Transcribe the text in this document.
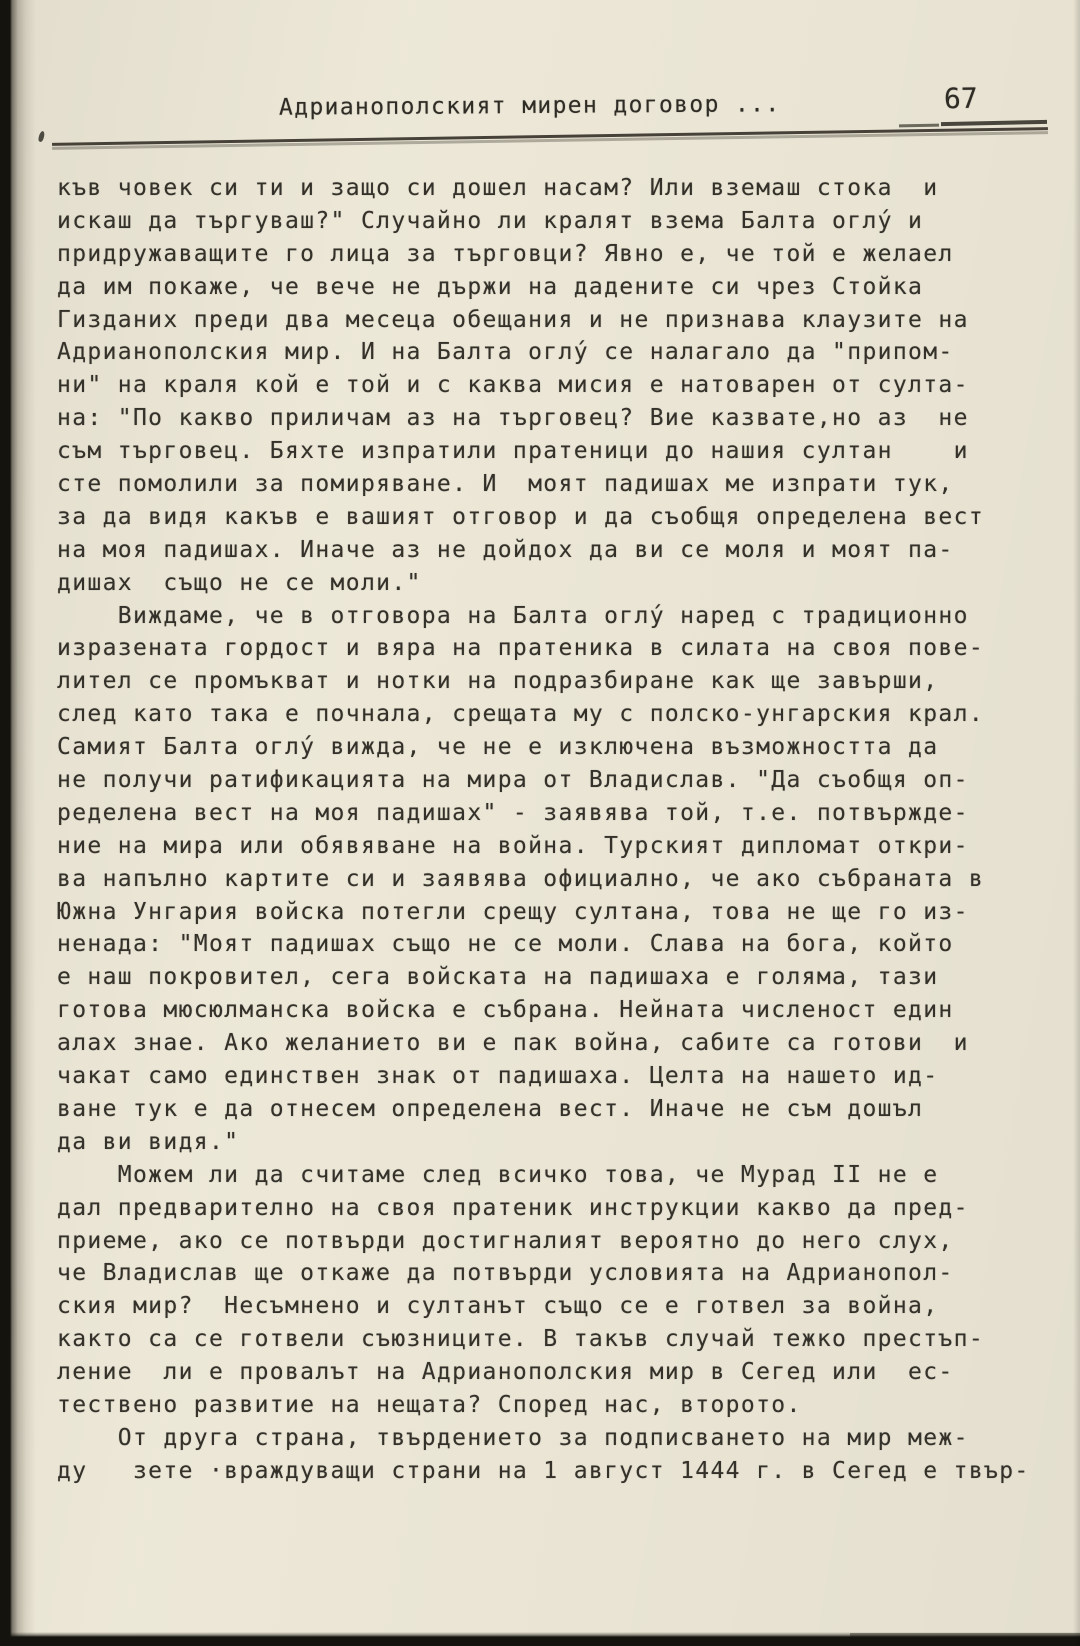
Адрианополският мирен договор ...	67
къв човек си ти и защо си дошел насам? Или вземаш стока  и
искаш да търгуваш?" Случайно ли кралят взема Балта оглу́ и
придружаващите го лица за търговци? Явно е, че той е желаел
да им покаже, че вече не държи на дадените си чрез Стойка
Гизданих преди два месеца обещания и не признава клаузите на
Адрианополския мир. И на Балта оглу́ се налагало да "припом-
ни" на краля кой е той и с каква мисия е натоварен от султа-
на: "По какво приличам аз на търговец? Вие казвате,но аз  не
съм търговец. Бяхте изпратили пратеници до нашия султан    и
сте помолили за помиряване. И  моят падишах ме изпрати тук,
за да видя какъв е вашият отговор и да съобщя определена вест
на моя падишах. Иначе аз не дойдох да ви се моля и моят па-
дишах  също не се моли."
Виждаме, че в отговора на Балта оглу́ наред с традиционно
изразената гордост и вяра на пратеника в силата на своя пове-
лител се промъкват и нотки на подразбиране как ще завърши,
след като така е почнала, срещата му с полско-унгарския крал.
Самият Балта оглу́ вижда, че не е изключена възможността да
не получи ратификацията на мира от Владислав. "Да съобщя оп-
ределена вест на моя падишах" - заявява той, т.е. потвържде-
ние на мира или обявяване на война. Турският дипломат откри-
ва напълно картите си и заявява официално, че ако събраната в
Южна Унгария войска потегли срещу султана, това не ще го из-
ненада: "Моят падишах също не се моли. Слава на бога, който
е наш покровител, сега войската на падишаха е голяма, тази
готова мюсюлманска войска е събрана. Нейната численост един
алах знае. Ако желанието ви е пак война, сабите са готови  и
чакат само единствен знак от падишаха. Целта на нашето ид-
ване тук е да отнесем определена вест. Иначе не съм дошъл
да ви видя."
Можем ли да считаме след всичко това, че Мурад II не е
дал предварително на своя пратеник инструкции какво да пред-
приеме, ако се потвърди достигналият вероятно до него слух,
че Владислав ще откаже да потвърди условията на Адрианопол-
ския мир?  Несъмнено и султанът също се е готвел за война,
както са се готвели съюзниците. В такъв случай тежко престъп-
ление  ли е провалът на Адрианополския мир в Сегед или  ес-
тествено развитие на нещата? Според нас, второто.
От друга страна, твърдението за подписването на мир меж-
ду   зете ·враждуващи страни на 1 август 1444 г. в Сегед е твър-
